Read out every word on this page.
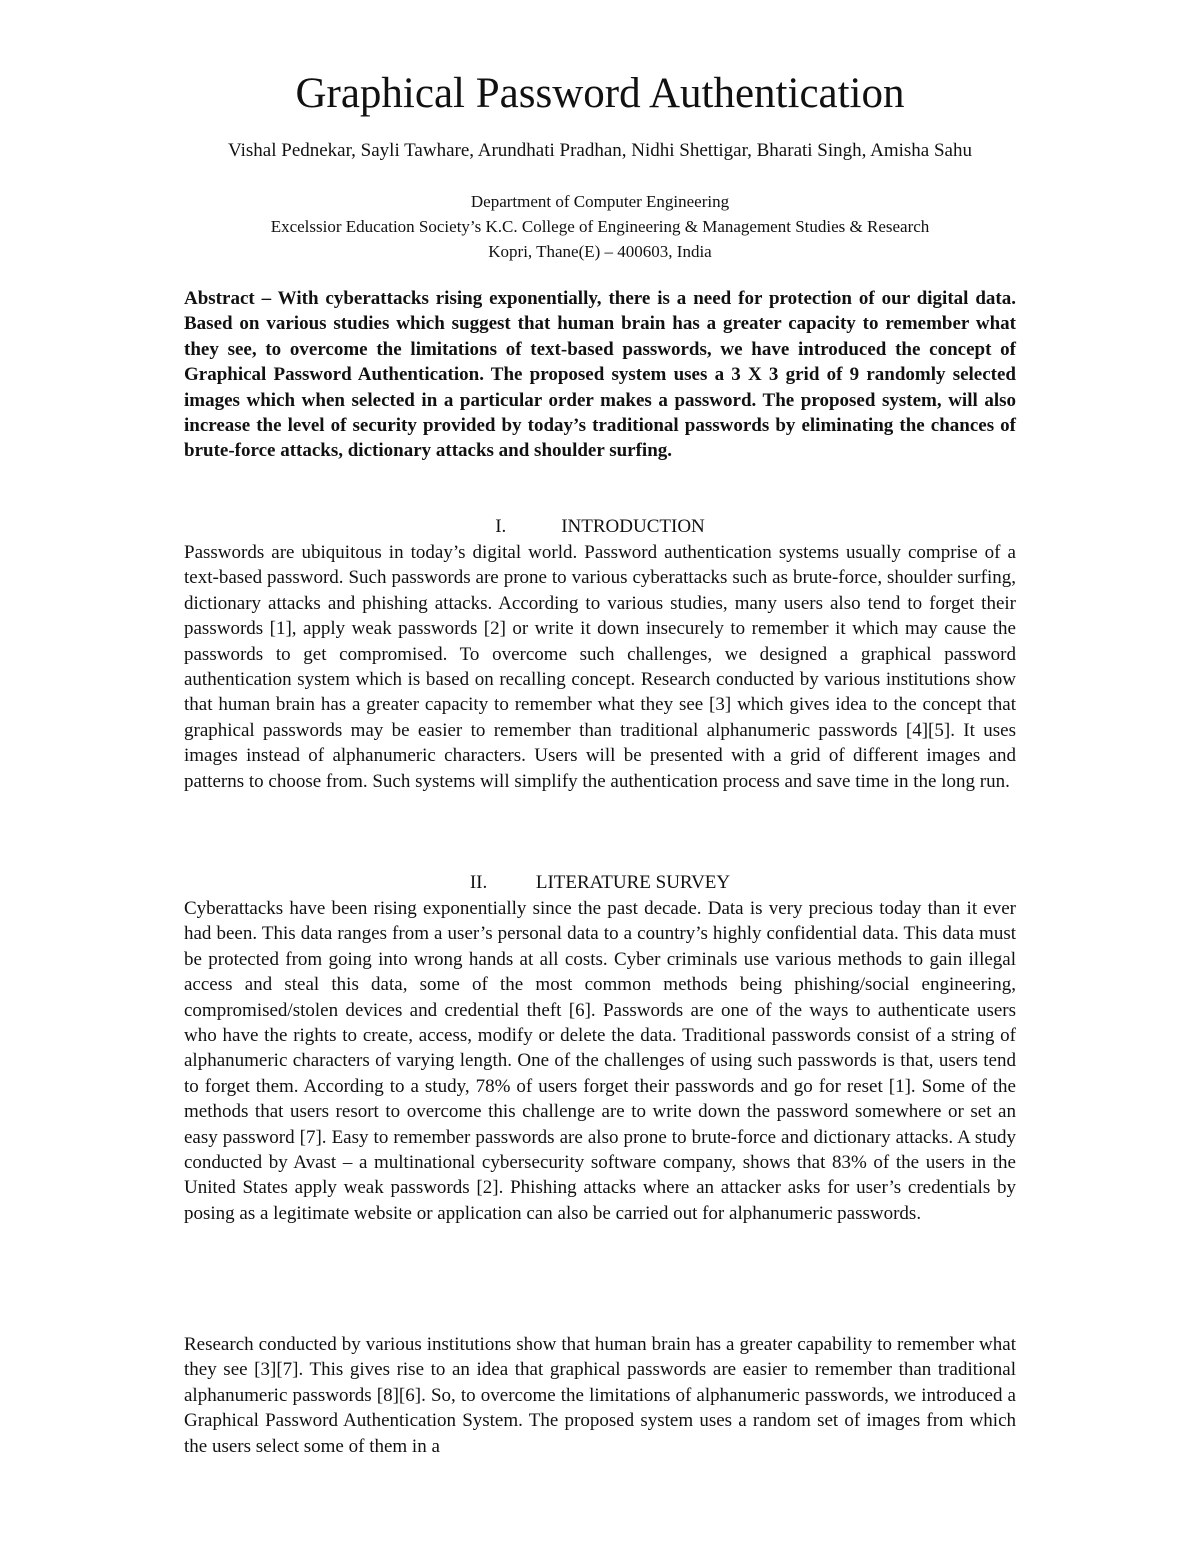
Graphical Password Authentication

Vishal Pednekar, Sayli Tawhare, Arundhati Pradhan, Nidhi Shettigar, Bharati Singh, Amisha Sahu

Department of Computer Engineering

Excelssior Education Society’s K.C. College of Engineering & Management Studies & Research

Kopri, Thane(E) – 400603, India

Abstract – With cyberattacks rising exponentially, there is a need for protection of our digital data. Based on various studies which suggest that human brain has a greater capacity to remember what they see, to overcome the limitations of text-based passwords, we have introduced the concept of Graphical Password Authentication. The proposed system uses a 3 X 3 grid of 9 randomly selected images which when selected in a particular order makes a password. The proposed system, will also increase the level of security provided by today’s traditional passwords by eliminating the chances of brute-force attacks, dictionary attacks and shoulder surfing.

I.	INTRODUCTION

Passwords are ubiquitous in today’s digital world. Password authentication systems usually comprise of a text-based password. Such passwords are prone to various cyberattacks such as brute-force, shoulder surfing, dictionary attacks and phishing attacks. According to various studies, many users also tend to forget their passwords [1], apply weak passwords [2] or write it down insecurely to remember it which may cause the passwords to get compromised. To overcome such challenges, we designed a graphical password authentication system which is based on recalling concept. Research conducted by various institutions show that human brain has a greater capacity to remember what they see [3] which gives idea to the concept that graphical passwords may be easier to remember than traditional alphanumeric passwords [4][5]. It uses images instead of alphanumeric characters. Users will be presented with a grid of different images and patterns to choose from. Such systems will simplify the authentication process and save time in the long run.

II.	LITERATURE SURVEY

Cyberattacks have been rising exponentially since the past decade. Data is very precious today than it ever had been. This data ranges from a user’s personal data to a country’s highly confidential data. This data must be protected from going into wrong hands at all costs. Cyber criminals use various methods to gain illegal access and steal this data, some of the most common methods being phishing/social engineering, compromised/stolen devices and credential theft [6]. Passwords are one of the ways to authenticate users who have the rights to create, access, modify or delete the data. Traditional passwords consist of a string of alphanumeric characters of varying length. One of the challenges of using such passwords is that, users tend to forget them. According to a study, 78% of users forget their passwords and go for reset [1]. Some of the methods that users resort to overcome this challenge are to write down the password somewhere or set an easy password [7]. Easy to remember passwords are also prone to brute-force and dictionary attacks. A study conducted by Avast – a multinational cybersecurity software company, shows that 83% of the users in the United States apply weak passwords [2]. Phishing attacks where an attacker asks for user’s credentials by posing as a legitimate website or application can also be carried out for alphanumeric passwords.

Research conducted by various institutions show that human brain has a greater capability to remember what they see [3][7]. This gives rise to an idea that graphical passwords are easier to remember than traditional alphanumeric passwords [8][6]. So, to overcome the limitations of alphanumeric passwords, we introduced a Graphical Password Authentication System. The proposed system uses a random set of images from which the users select some of them in a
